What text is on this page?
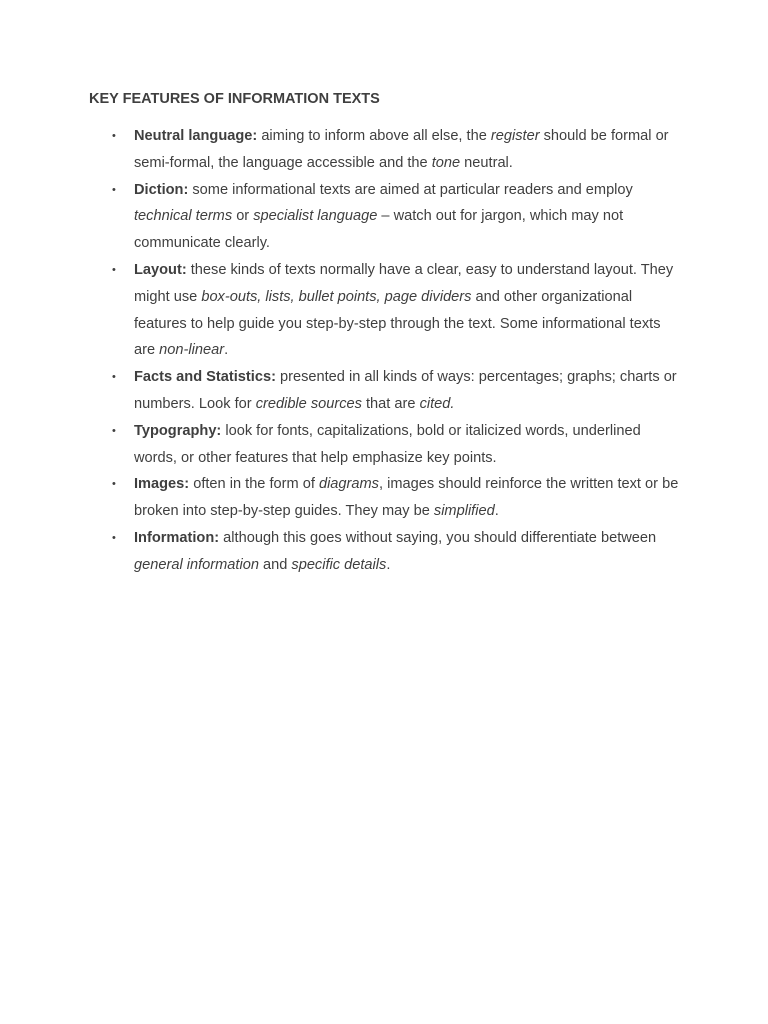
KEY FEATURES OF INFORMATION TEXTS
• Neutral language: aiming to inform above all else, the register should be formal or semi-formal, the language accessible and the tone neutral.
• Diction: some informational texts are aimed at particular readers and employ technical terms or specialist language – watch out for jargon, which may not communicate clearly.
• Layout: these kinds of texts normally have a clear, easy to understand layout. They might use box-outs, lists, bullet points, page dividers and other organizational features to help guide you step-by-step through the text. Some informational texts are non-linear.
• Facts and Statistics: presented in all kinds of ways: percentages; graphs; charts or numbers. Look for credible sources that are cited.
• Typography: look for fonts, capitalizations, bold or italicized words, underlined words, or other features that help emphasize key points.
• Images: often in the form of diagrams, images should reinforce the written text or be broken into step-by-step guides. They may be simplified.
• Information: although this goes without saying, you should differentiate between general information and specific details.
